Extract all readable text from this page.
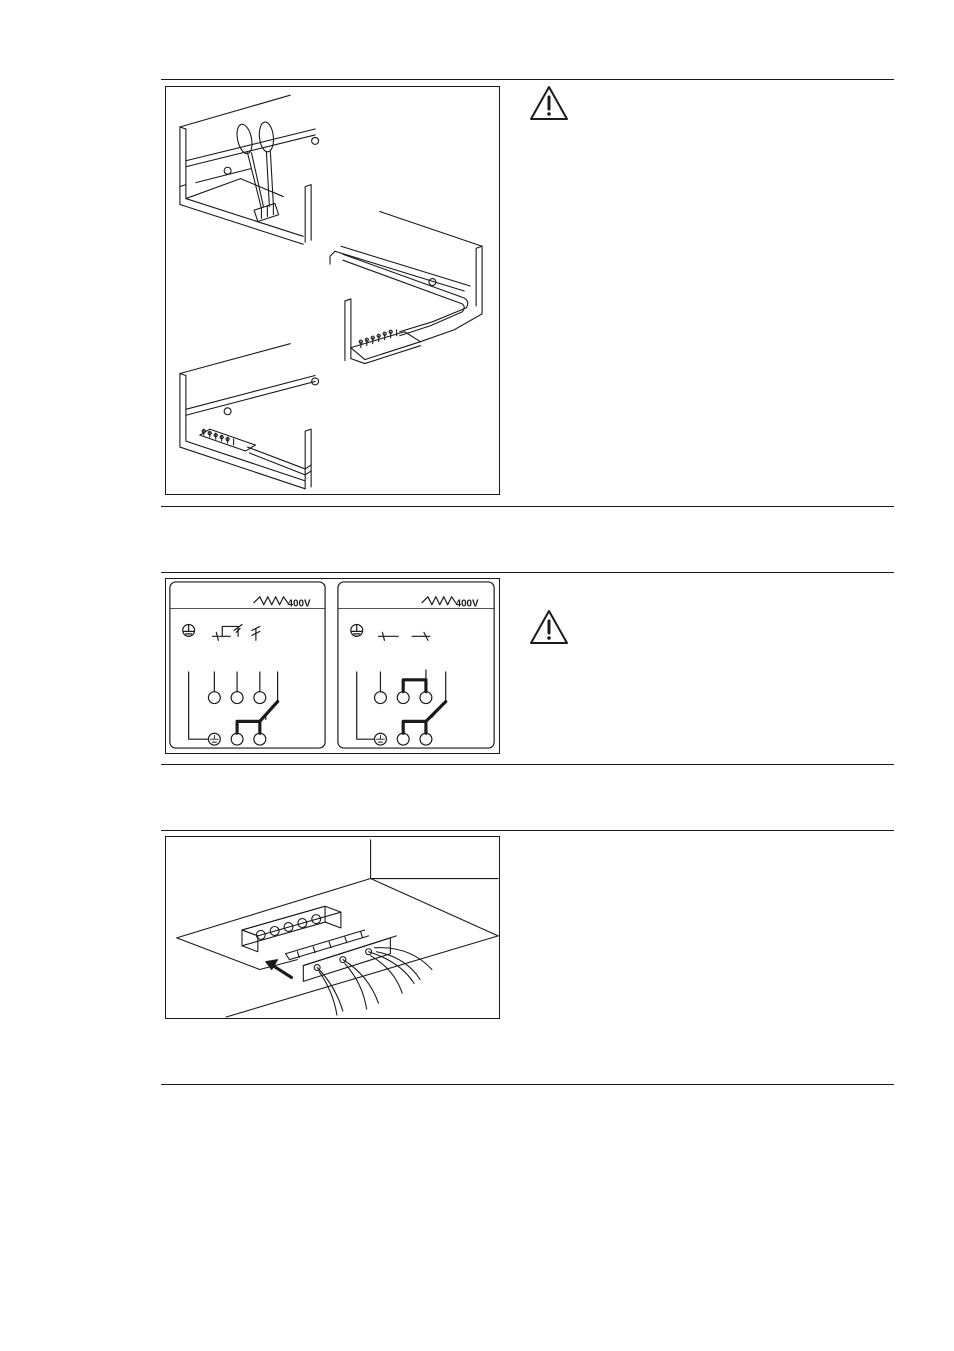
400V	400V
